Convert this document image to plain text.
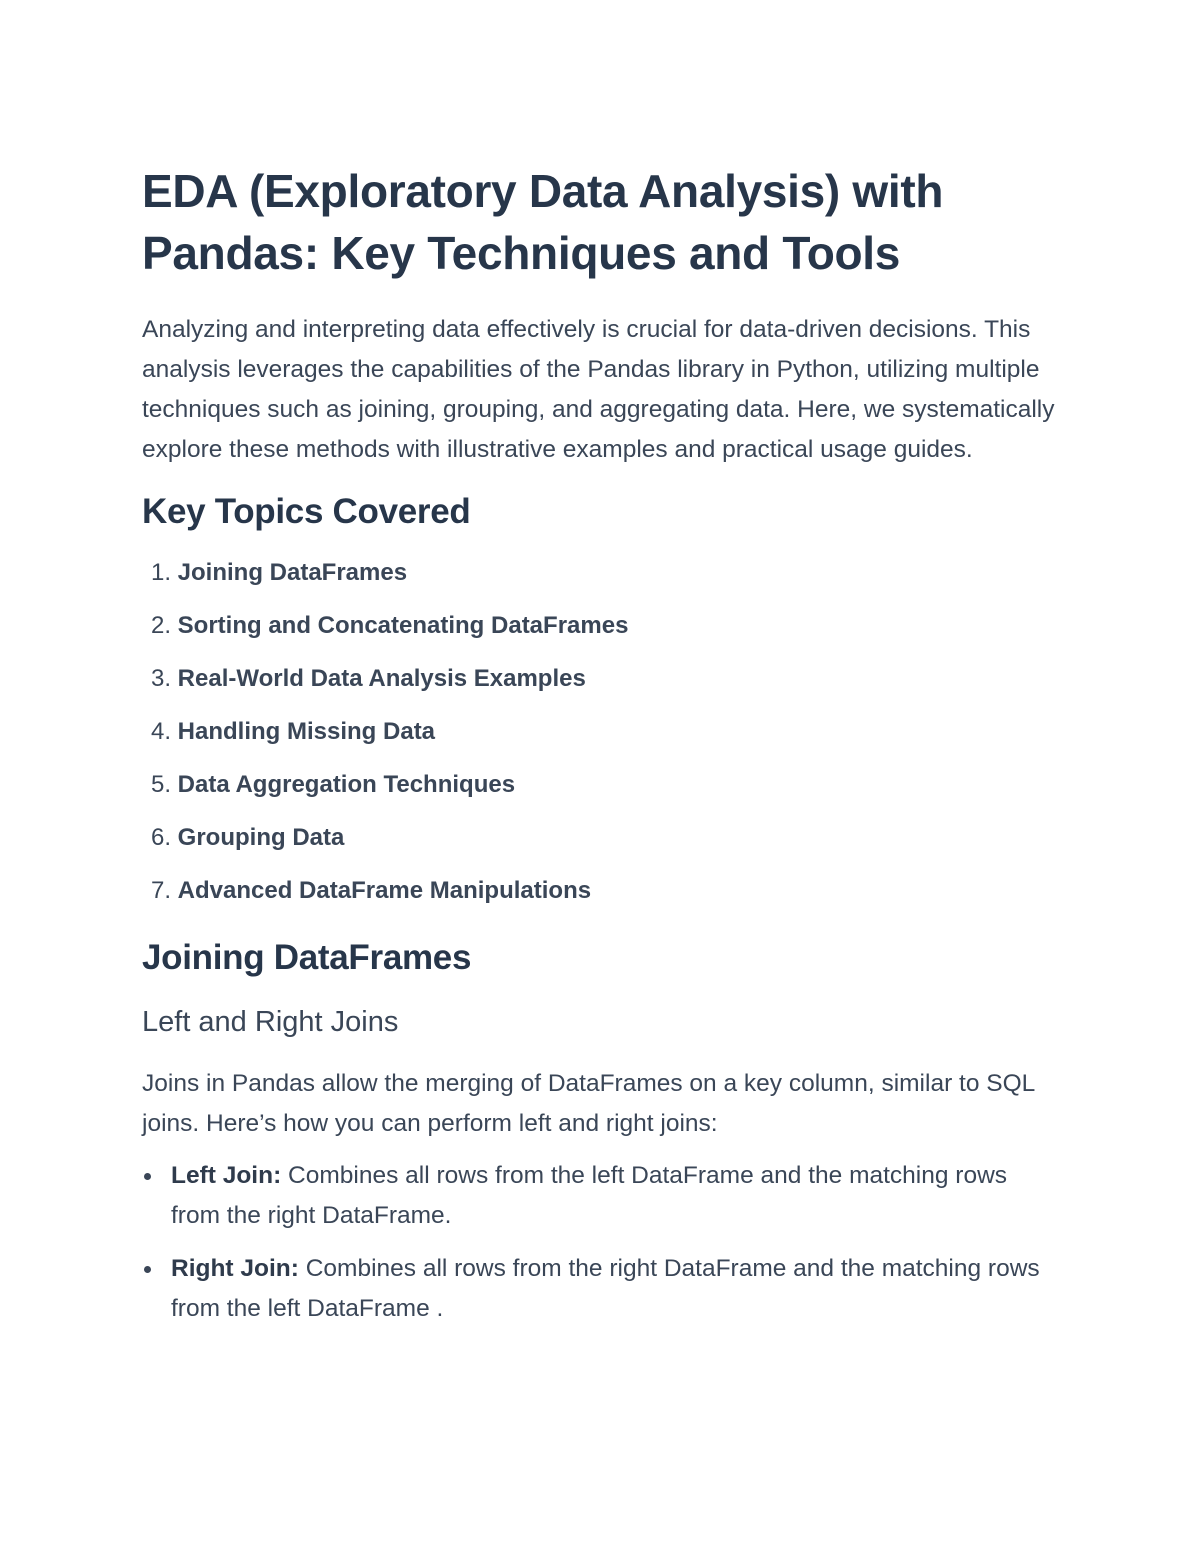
EDA (Exploratory Data Analysis) with
Pandas: Key Techniques and Tools

Analyzing and interpreting data effectively is crucial for data-driven decisions. This analysis leverages the capabilities of the Pandas library in Python, utilizing multiple techniques such as joining, grouping, and aggregating data. Here, we systematically explore these methods with illustrative examples and practical usage guides.

Key Topics Covered
1.
Joining DataFrames
2.
Sorting and Concatenating DataFrames
3.
Real-World Data Analysis Examples
4.
Handling Missing Data
5.
Data Aggregation Techniques
6.
Grouping Data
7.
Advanced DataFrame Manipulations
Joining DataFrames
Left and Right Joins

Joins in Pandas allow the merging of DataFrames on a key column, similar to SQL joins. Here’s how you can perform left and right joins:

Left Join: Combines all rows from the left DataFrame and the matching rows from the right DataFrame.
Right Join: Combines all rows from the right DataFrame and the matching rows from the left DataFrame .
